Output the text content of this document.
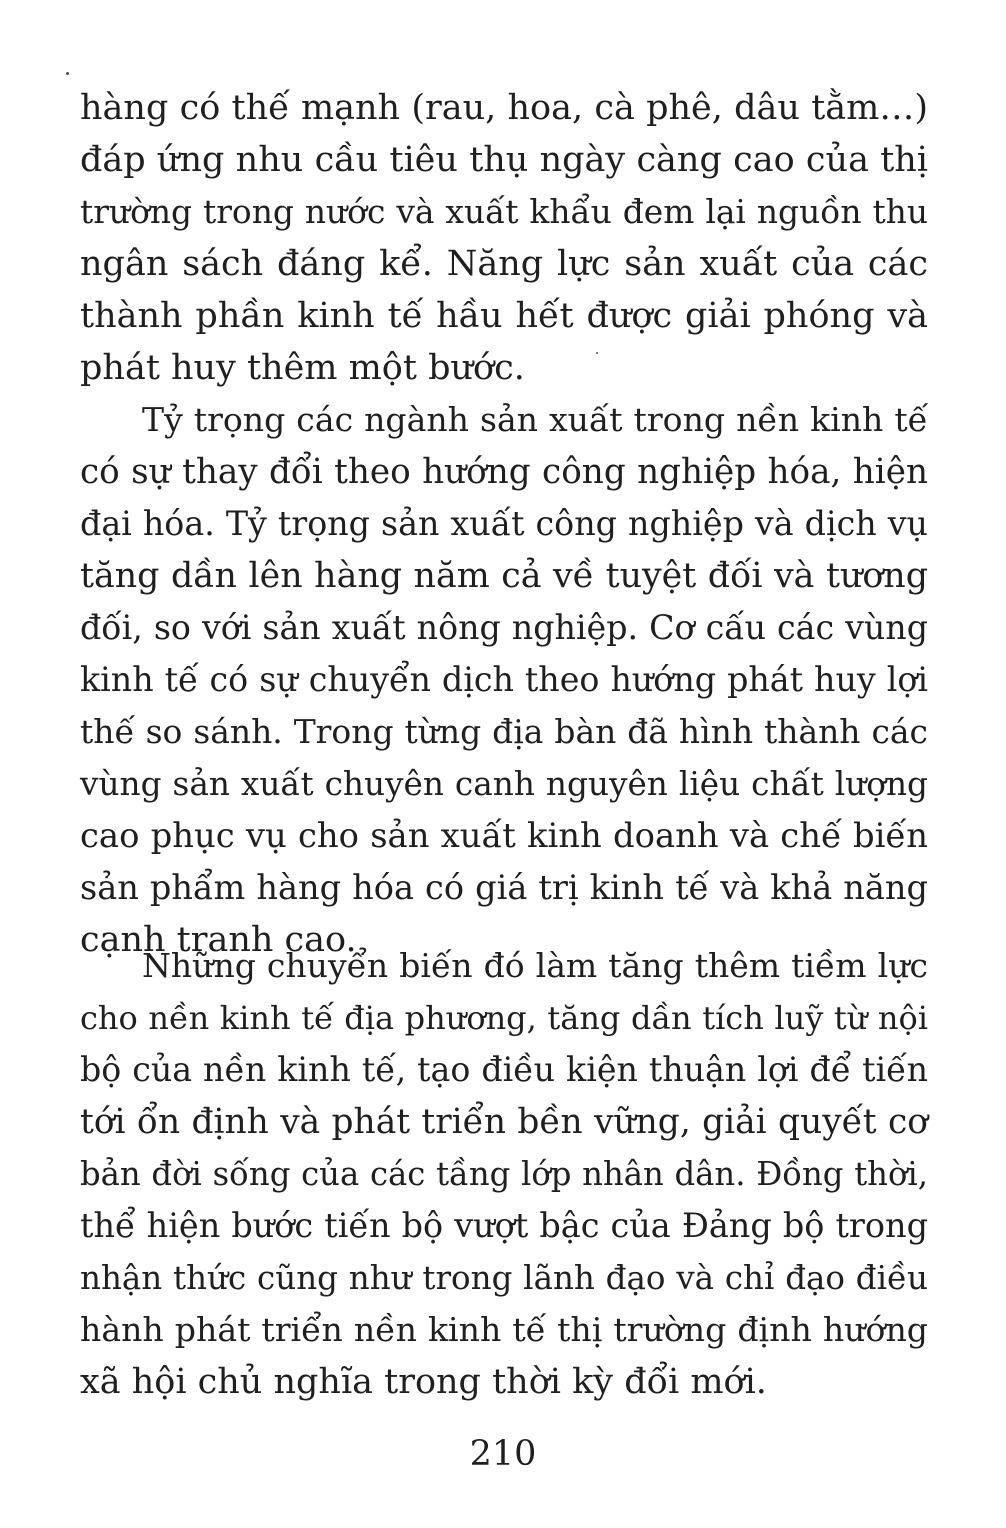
hàng có thế mạnh (rau, hoa, cà phê, dâu tằm…)
đáp ứng nhu cầu tiêu thụ ngày càng cao của thị
trường trong nước và xuất khẩu đem lại nguồn thu
ngân sách đáng kể. Năng lực sản xuất của các
thành phần kinh tế hầu hết được giải phóng và
phát huy thêm một bước.
Tỷ trọng các ngành sản xuất trong nền kinh tế
có sự thay đổi theo hướng công nghiệp hóa, hiện
đại hóa. Tỷ trọng sản xuất công nghiệp và dịch vụ
tăng dần lên hàng năm cả về tuyệt đối và tương
đối, so với sản xuất nông nghiệp. Cơ cấu các vùng
kinh tế có sự chuyển dịch theo hướng phát huy lợi
thế so sánh. Trong từng địa bàn đã hình thành các
vùng sản xuất chuyên canh nguyên liệu chất lượng
cao phục vụ cho sản xuất kinh doanh và chế biến
sản phẩm hàng hóa có giá trị kinh tế và khả năng
cạnh tranh cao.
Những chuyển biến đó làm tăng thêm tiềm lực
cho nền kinh tế địa phương, tăng dần tích luỹ từ nội
bộ của nền kinh tế, tạo điều kiện thuận lợi để tiến
tới ổn định và phát triển bền vững, giải quyết cơ
bản đời sống của các tầng lớp nhân dân. Đồng thời,
thể hiện bước tiến bộ vượt bậc của Đảng bộ trong
nhận thức cũng như trong lãnh đạo và chỉ đạo điều
hành phát triển nền kinh tế thị trường định hướng
xã hội chủ nghĩa trong thời kỳ đổi mới.
210
